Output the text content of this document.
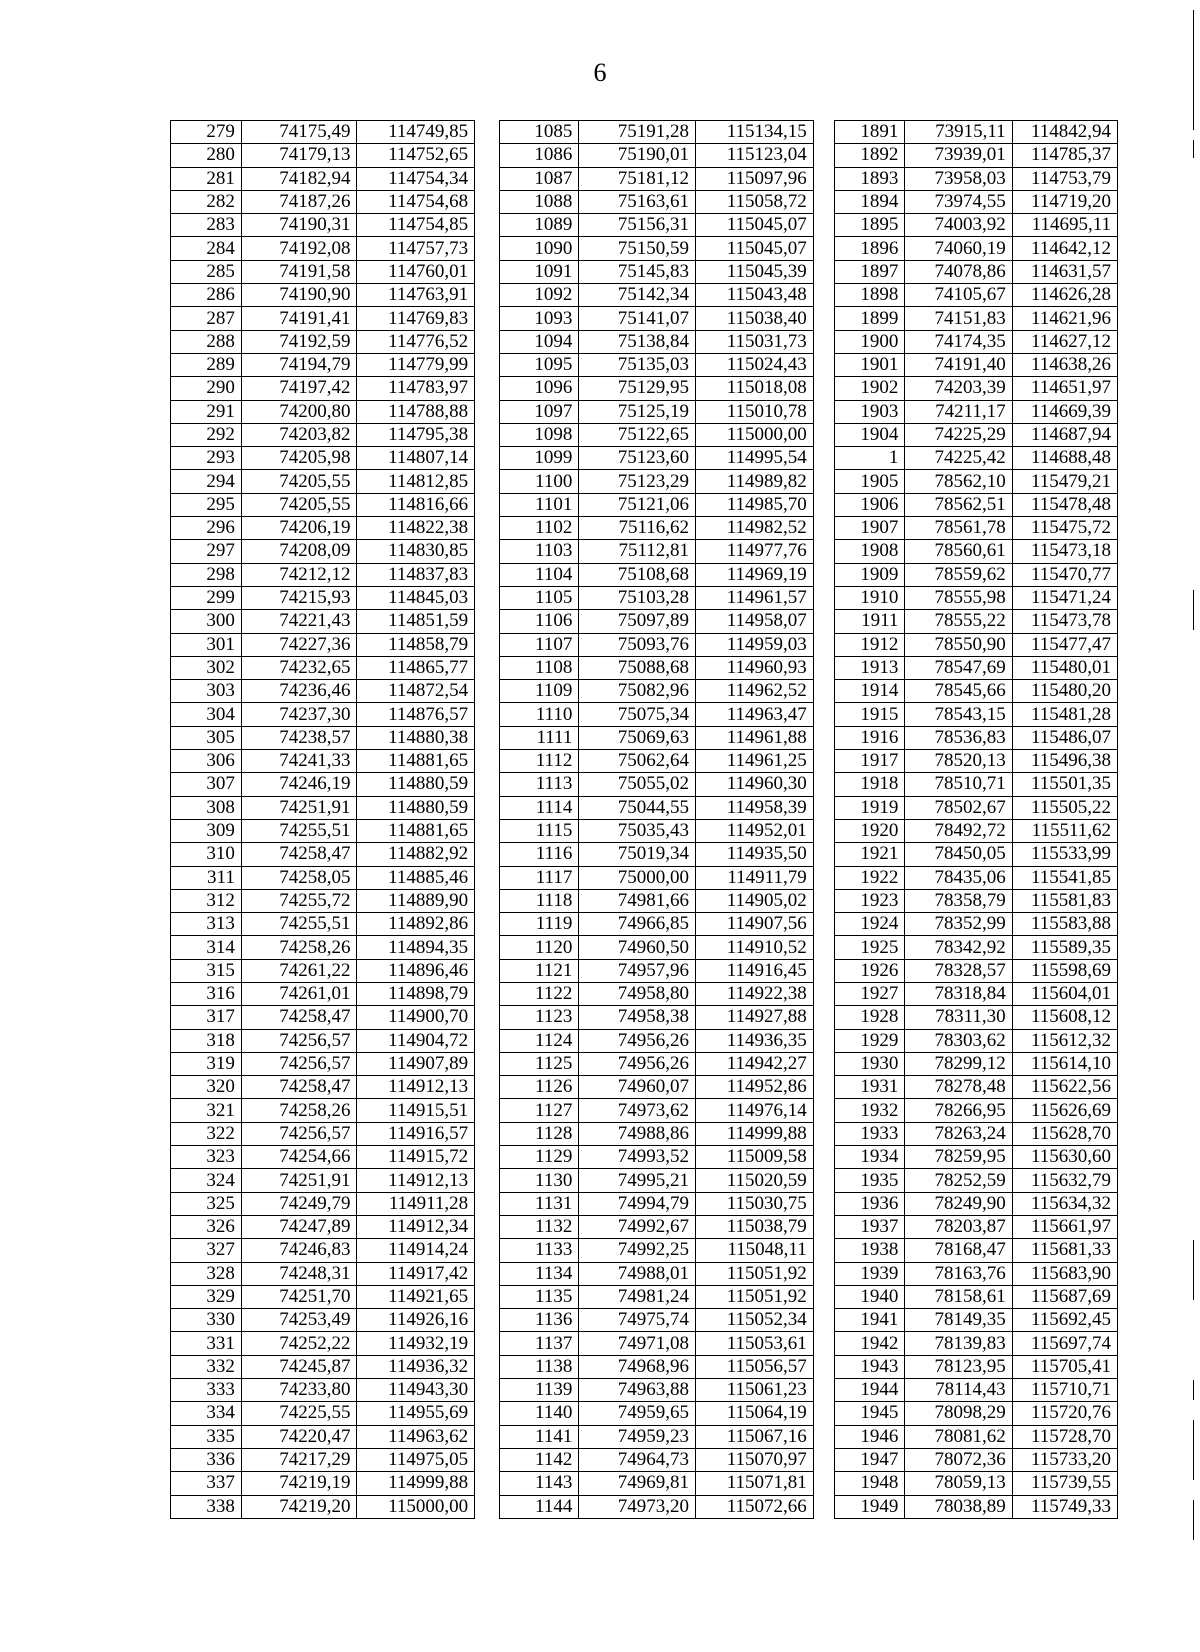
6
279	74175,49	114749,85		1085	75191,28	115134,15		1891	73915,11	114842,94
280	74179,13	114752,65		1086	75190,01	115123,04		1892	73939,01	114785,37
281	74182,94	114754,34		1087	75181,12	115097,96		1893	73958,03	114753,79
282	74187,26	114754,68		1088	75163,61	115058,72		1894	73974,55	114719,20
283	74190,31	114754,85		1089	75156,31	115045,07		1895	74003,92	114695,11
284	74192,08	114757,73		1090	75150,59	115045,07		1896	74060,19	114642,12
285	74191,58	114760,01		1091	75145,83	115045,39		1897	74078,86	114631,57
286	74190,90	114763,91		1092	75142,34	115043,48		1898	74105,67	114626,28
287	74191,41	114769,83		1093	75141,07	115038,40		1899	74151,83	114621,96
288	74192,59	114776,52		1094	75138,84	115031,73		1900	74174,35	114627,12
289	74194,79	114779,99		1095	75135,03	115024,43		1901	74191,40	114638,26
290	74197,42	114783,97		1096	75129,95	115018,08		1902	74203,39	114651,97
291	74200,80	114788,88		1097	75125,19	115010,78		1903	74211,17	114669,39
292	74203,82	114795,38		1098	75122,65	115000,00		1904	74225,29	114687,94
293	74205,98	114807,14		1099	75123,60	114995,54		1	74225,42	114688,48
294	74205,55	114812,85		1100	75123,29	114989,82		1905	78562,10	115479,21
295	74205,55	114816,66		1101	75121,06	114985,70		1906	78562,51	115478,48
296	74206,19	114822,38		1102	75116,62	114982,52		1907	78561,78	115475,72
297	74208,09	114830,85		1103	75112,81	114977,76		1908	78560,61	115473,18
298	74212,12	114837,83		1104	75108,68	114969,19		1909	78559,62	115470,77
299	74215,93	114845,03		1105	75103,28	114961,57		1910	78555,98	115471,24
300	74221,43	114851,59		1106	75097,89	114958,07		1911	78555,22	115473,78
301	74227,36	114858,79		1107	75093,76	114959,03		1912	78550,90	115477,47
302	74232,65	114865,77		1108	75088,68	114960,93		1913	78547,69	115480,01
303	74236,46	114872,54		1109	75082,96	114962,52		1914	78545,66	115480,20
304	74237,30	114876,57		1110	75075,34	114963,47		1915	78543,15	115481,28
305	74238,57	114880,38		1111	75069,63	114961,88		1916	78536,83	115486,07
306	74241,33	114881,65		1112	75062,64	114961,25		1917	78520,13	115496,38
307	74246,19	114880,59		1113	75055,02	114960,30		1918	78510,71	115501,35
308	74251,91	114880,59		1114	75044,55	114958,39		1919	78502,67	115505,22
309	74255,51	114881,65		1115	75035,43	114952,01		1920	78492,72	115511,62
310	74258,47	114882,92		1116	75019,34	114935,50		1921	78450,05	115533,99
311	74258,05	114885,46		1117	75000,00	114911,79		1922	78435,06	115541,85
312	74255,72	114889,90		1118	74981,66	114905,02		1923	78358,79	115581,83
313	74255,51	114892,86		1119	74966,85	114907,56		1924	78352,99	115583,88
314	74258,26	114894,35		1120	74960,50	114910,52		1925	78342,92	115589,35
315	74261,22	114896,46		1121	74957,96	114916,45		1926	78328,57	115598,69
316	74261,01	114898,79		1122	74958,80	114922,38		1927	78318,84	115604,01
317	74258,47	114900,70		1123	74958,38	114927,88		1928	78311,30	115608,12
318	74256,57	114904,72		1124	74956,26	114936,35		1929	78303,62	115612,32
319	74256,57	114907,89		1125	74956,26	114942,27		1930	78299,12	115614,10
320	74258,47	114912,13		1126	74960,07	114952,86		1931	78278,48	115622,56
321	74258,26	114915,51		1127	74973,62	114976,14		1932	78266,95	115626,69
322	74256,57	114916,57		1128	74988,86	114999,88		1933	78263,24	115628,70
323	74254,66	114915,72		1129	74993,52	115009,58		1934	78259,95	115630,60
324	74251,91	114912,13		1130	74995,21	115020,59		1935	78252,59	115632,79
325	74249,79	114911,28		1131	74994,79	115030,75		1936	78249,90	115634,32
326	74247,89	114912,34		1132	74992,67	115038,79		1937	78203,87	115661,97
327	74246,83	114914,24		1133	74992,25	115048,11		1938	78168,47	115681,33
328	74248,31	114917,42		1134	74988,01	115051,92		1939	78163,76	115683,90
329	74251,70	114921,65		1135	74981,24	115051,92		1940	78158,61	115687,69
330	74253,49	114926,16		1136	74975,74	115052,34		1941	78149,35	115692,45
331	74252,22	114932,19		1137	74971,08	115053,61		1942	78139,83	115697,74
332	74245,87	114936,32		1138	74968,96	115056,57		1943	78123,95	115705,41
333	74233,80	114943,30		1139	74963,88	115061,23		1944	78114,43	115710,71
334	74225,55	114955,69		1140	74959,65	115064,19		1945	78098,29	115720,76
335	74220,47	114963,62		1141	74959,23	115067,16		1946	78081,62	115728,70
336	74217,29	114975,05		1142	74964,73	115070,97		1947	78072,36	115733,20
337	74219,19	114999,88		1143	74969,81	115071,81		1948	78059,13	115739,55
338	74219,20	115000,00		1144	74973,20	115072,66		1949	78038,89	115749,33
